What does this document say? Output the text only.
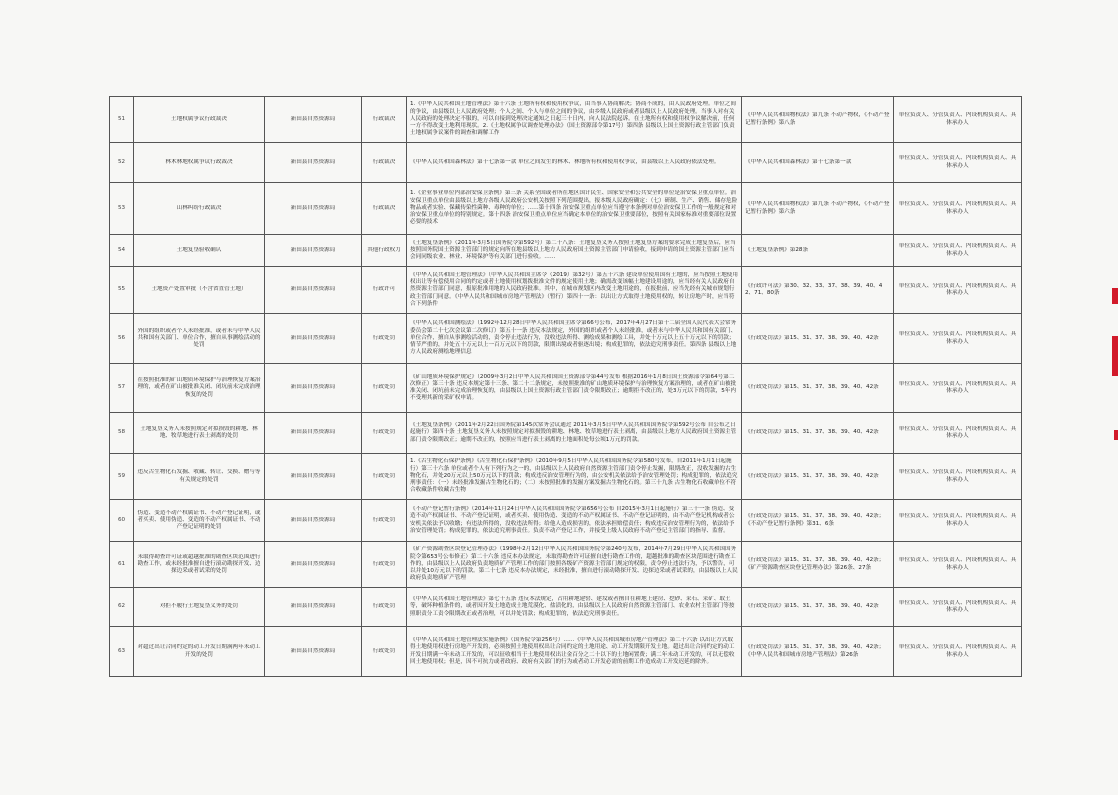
51	土地权属争议行政裁决	新田县自然资源局	行政裁决	1.《中华人民共和国土地管理法》第十六条 土地所有权和使用权争议，由当事人协商解决；协商不成的，由人民政府处理。单位之间的争议，由县级以上人民政府处理；个人之间、个人与单位之间的争议，由乡级人民政府或者县级以上人民政府处理。当事人对有关人民政府的处理决定不服的，可以自接到处理决定通知之日起三十日内，向人民法院起诉。在土地所有权和使用权争议解决前，任何一方不得改变土地利用现状。2.《土地权属争议调查处理办法》（国土资源部令第17号）第四条 县级以上国土资源行政主管部门负责土地权属争议案件的调查和调解工作	《中华人民共和国物权法》第九条 不动产物权，《不动产登记暂行条例》第八条	单位负责人、分管负责人、内设机构负责人、具体承办人

52	林木林地权属争议行政裁决	新田县自然资源局	行政裁决	《中华人民共和国森林法》第十七条第一款 单位之间发生的林木、林地所有权和使用权争议，由县级以上人民政府依法处理。	《中华人民共和国森林法》第十七条第一款	单位负责人、分管负责人、内设机构负责人、具体承办人

53	山林纠纷行政裁决	新田县自然资源局	行政裁决	1.《企业事业单位内部治安保卫条例》第三条 关系全国或者所在地区国计民生、国家安全和公共安全的单位是治安保卫重点单位。治安保卫重点单位由县级以上地方各级人民政府公安机关按照下列范围提出，报本级人民政府确定：（七）研制、生产、销售、储存危险物品或者实验、保藏传染性菌种、毒种的单位；……第十四条 治安保卫重点单位应当遵守本条例对单位治安保卫工作的一般规定和对治安保卫重点单位的特别规定。第十四条 治安保卫重点单位应当确定本单位的治安保卫重要部位，按照有关国家标准对重要部位设置必要的技术	《中华人民共和国物权法》第九条 不动产物权，《不动产登记暂行条例》第六条	单位负责人、分管负责人、内设机构负责人、具体承办人

54	土地复垦验收确认	新田县自然资源局	其他行政权力	《土地复垦条例》（2011年3月5日国务院令第592号）第二十八条：土地复垦义务人按照土地复垦方案的要求完成土地复垦后，应当按照国务院国土资源主管部门的规定向所在地县级以上地方人民政府国土资源主管部门申请验收，接到申请的国土资源主管部门应当会同同级农业、林业、环境保护等有关部门进行验收。……	《土地复垦条例》第28条	单位负责人、分管负责人、内设机构负责人、具体承办人

55	土地资产处置审批（不含省直管土地）	新田县自然资源局	行政许可	《中华人民共和国土地管理法》（中华人民共和国主席令（2019）第32号）第五十六条 建设单位使用国有土地的，应当按照土地使用权出让等有偿使用合同的约定或者土地使用权划拨批准文件的规定使用土地；确需改变该幅土地建设用途的，应当经有关人民政府自然资源主管部门同意，报原批准用地的人民政府批准。其中，在城市规划区内改变土地用途的，在报批前，应当先经有关城市规划行政主管部门同意。《中华人民共和国城市房地产管理法》（暂行）第四十一条：以出让方式取得土地使用权的，转让房地产时，应当符合下列条件	《行政许可法》第30、32、33、37、38、39、40、42、71、80条	单位负责人、分管负责人、内设机构负责人、具体承办人

56	外国的组织或者个人未经批准，或者未与中华人民共和国有关部门、单位合作，擅自从事测绘活动的处罚	新田县自然资源局	行政处罚	《中华人民共和国测绘法》（1992年12月28日中华人民共和国主席令第66号公布，2017年4月27日第十二届全国人民代表大会常务委员会第二十七次会议第二次修订）第五十一条 违反本法规定，外国的组织或者个人未经批准，或者未与中华人民共和国有关部门、单位合作，擅自从事测绘活动的，责令停止违法行为，没收违法所得、测绘成果和测绘工具，并处十万元以上五十万元以下的罚款；情节严重的，并处五十万元以上一百万元以下的罚款，限期出境或者驱逐出境；构成犯罪的，依法追究刑事责任。第四条 县级以上地方人民政府测绘地理信息	《行政处罚法》第15、31、37、38、39、40、42条	单位负责人、分管负责人、内设机构负责人、具体承办人

57	在按照批准的矿山地质环境保护与治理恢复方案治理的，或者在矿山被批准关闭、闭坑前未完成治理恢复的处罚	新田县自然资源局	行政处罚	《矿山地质环境保护规定》（2009年3月2日中华人民共和国国土资源部令第44号发布 根据2016年1月8日国土资源部令第64号第二次修正）第三十条 违反本规定第十三条、第二十二条规定，未按照批准的矿山地质环境保护与治理恢复方案治理的，或者在矿山被批准关闭、闭坑前未完成治理恢复的，由县级以上国土资源行政主管部门责令限期改正；逾期拒不改正的，处3万元以下的罚款，5年内不受理其新的采矿权申请。	《行政处罚法》第15、31、37、38、39、40、42条	单位负责人、分管负责人、内设机构负责人、具体承办人

58	土地复垦义务人未按照规定对拟损毁的耕地、林地、牧草地进行表土剥离的处罚	新田县自然资源局	行政处罚	《土地复垦条例》（2011年2月22日国务院第145次常务会议通过 2011年3月5日中华人民共和国国务院令第592号公布 自公布之日起施行）第四十条 土地复垦义务人未按照规定对拟损毁的耕地、林地、牧草地进行表土剥离，由县级以上地方人民政府国土资源主管部门责令限期改正；逾期不改正的，按照应当进行表土剥离的土地面积处每公顷1万元的罚款。	《行政处罚法》第15、31、37、38、39、40、42条	单位负责人、分管负责人、内设机构负责人、具体承办人

59	违反古生物化石发掘、收藏、转让、交换、赠与等有关规定的处罚	新田县自然资源局	行政处罚	1.《古生物化石保护条例》《古生物化石保护条例》（2010年9月5日中华人民共和国国务院令第580号发布，自2011年1月1日起施行）第三十六条 单位或者个人有下列行为之一的，由县级以上人民政府自然资源主管部门责令停止发掘，限期改正，没收发掘的古生物化石，并处20万元以上50万元以下的罚款；构成违反治安管理行为的，由公安机关依法给予治安管理处罚；构成犯罪的，依法追究刑事责任：（一）未经批准发掘古生物化石的；（二）未按照批准的发掘方案发掘古生物化石的。第三十九条 古生物化石收藏单位不符合收藏条件收藏古生物	《行政处罚法》第15、31、37、38、39、40、42条	单位负责人、分管负责人、内设机构负责人、具体承办人

60	伪造、变造不动产权属证书、不动产登记证明，或者买卖、使用伪造、变造的不动产权属证书、不动产登记证明的处罚	新田县自然资源局	行政处罚	《不动产登记暂行条例》（2014年11月24日中华人民共和国国务院令第656号公布 自2015年3月1日起施行）第三十一条 伪造、变造不动产权属证书、不动产登记证明，或者买卖、使用伪造、变造的不动产权属证书、不动产登记证明的，由不动产登记机构或者公安机关依法予以收缴；有违法所得的，没收违法所得；给他人造成损害的，依法承担赔偿责任；构成违反治安管理行为的，依法给予治安管理处罚；构成犯罪的，依法追究刑事责任。负责不动产登记工作，并接受上级人民政府不动产登记主管部门的指导、监督。	《行政处罚法》第15、31、37、38、39、40、42条；《不动产登记暂行条例》第31、6条	单位负责人、分管负责人、内设机构负责人、具体承办人

61	未取得勘查许可证或超越批准的勘查区块范围进行勘查工作，或未经批准擅自进行滚动勘探开发、边探边采或者试采的处罚	新田县自然资源局	行政处罚	《矿产资源勘查区块登记管理办法》（1998年2月12日中华人民共和国国务院令第240号发布，2014年7月29日中华人民共和国国务院令第653号公布修正）第二十六条 违反本办法规定，未取得勘查许可证擅自进行勘查工作的，超越批准的勘查区块范围进行勘查工作的，由县级以上人民政府负责地质矿产管理工作的部门按照各级矿产资源主管部门规定的权限，责令停止违法行为，予以警告，可以并处10万元以下的罚款。第二十七条 违反本办法规定，未经批准，擅自进行滚动勘探开发、边探边采或者试采的，由县级以上人民政府负责地质矿产管理	《行政处罚法》第15、31、37、38、39、40、42条；《矿产资源勘查区块登记管理办法》第26条、27条	单位负责人、分管负责人、内设机构负责人、具体承办人

62	对拒不履行土地复垦义务的处罚	新田县自然资源局	行政处罚	《中华人民共和国土地管理法》第七十五条 违反本法规定，占用耕地建窑、建坟或者擅自在耕地上建房、挖砂、采石、采矿、取土等，破坏种植条件的，或者因开发土地造成土地荒漠化、盐渍化的，由县级以上人民政府自然资源主管部门、农业农村主管部门等按照职责分工责令限期改正或者治理，可以并处罚款；构成犯罪的，依法追究刑事责任。	《行政处罚法》第15、31、37、38、39、40、42条	单位负责人、分管负责人、内设机构负责人、具体承办人

63	对超过出让合同约定的动工开发日期满两年未动工开发的处罚	新田县自然资源局	行政处罚	《中华人民共和国土地管理法实施条例》（国务院令第256号）……《中华人民共和国城市房地产管理法》第二十六条 以出让方式取得土地使用权进行房地产开发的，必须按照土地使用权出让合同约定的土地用途、动工开发期限开发土地。超过出让合同约定的动工开发日期满一年未动工开发的，可以征收相当于土地使用权出让金百分之二十以下的土地闲置费；满二年未动工开发的，可以无偿收回土地使用权；但是，因不可抗力或者政府、政府有关部门的行为或者动工开发必需的前期工作造成动工开发迟延的除外。	《行政处罚法》第15、31、37、38、39、40、42条；《中华人民共和国城市房地产管理法》第26条	单位负责人、分管负责人、内设机构负责人、具体承办人
